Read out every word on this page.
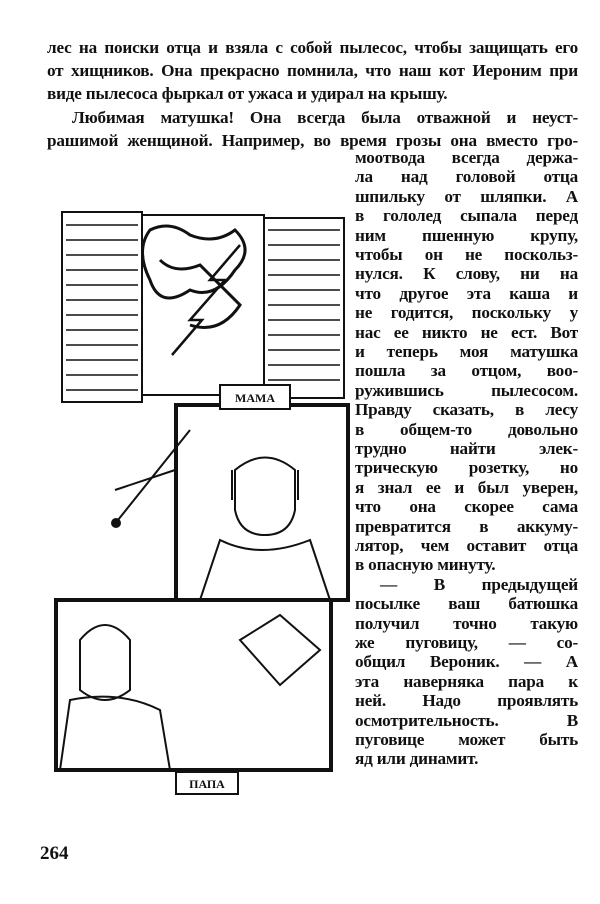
лес на поиски отца и взяла с собой пылесос, чтобы защищать его
от хищников. Она прекрасно помнила, что наш кот Иероним при
виде пылесоса фыркал от ужаса и удирал на крышу.
Любимая матушка! Она всегда была отважной и неуст-
рашимой женщиной. Например, во время грозы она вместо гро-
моотвода всегда держа-
ла над головой отца
шпильку от шляпки. А
в гололед сыпала перед
ним пшенную крупу,
чтобы он не поскольз-
нулся. К слову, ни на
что другое эта каша и
не годится, поскольку у
нас ее никто не ест. Вот
и теперь моя матушка
пошла за отцом, воо-
ружившись пылесосом.
Правду сказать, в лесу
в общем-то довольно
трудно найти элек-
трическую розетку, но
я знал ее и был уверен,
что она скорее сама
превратится в аккуму-
лятор, чем оставит отца
в опасную минуту.
— В предыдущей
посылке ваш батюшка
получил точно такую
же пуговицу, — со-
общил Вероник. — А
эта наверняка пара к
ней. Надо проявлять
осмотрительность. В
пуговице может быть
яд или динамит.
МАМА
ПАПА
264
